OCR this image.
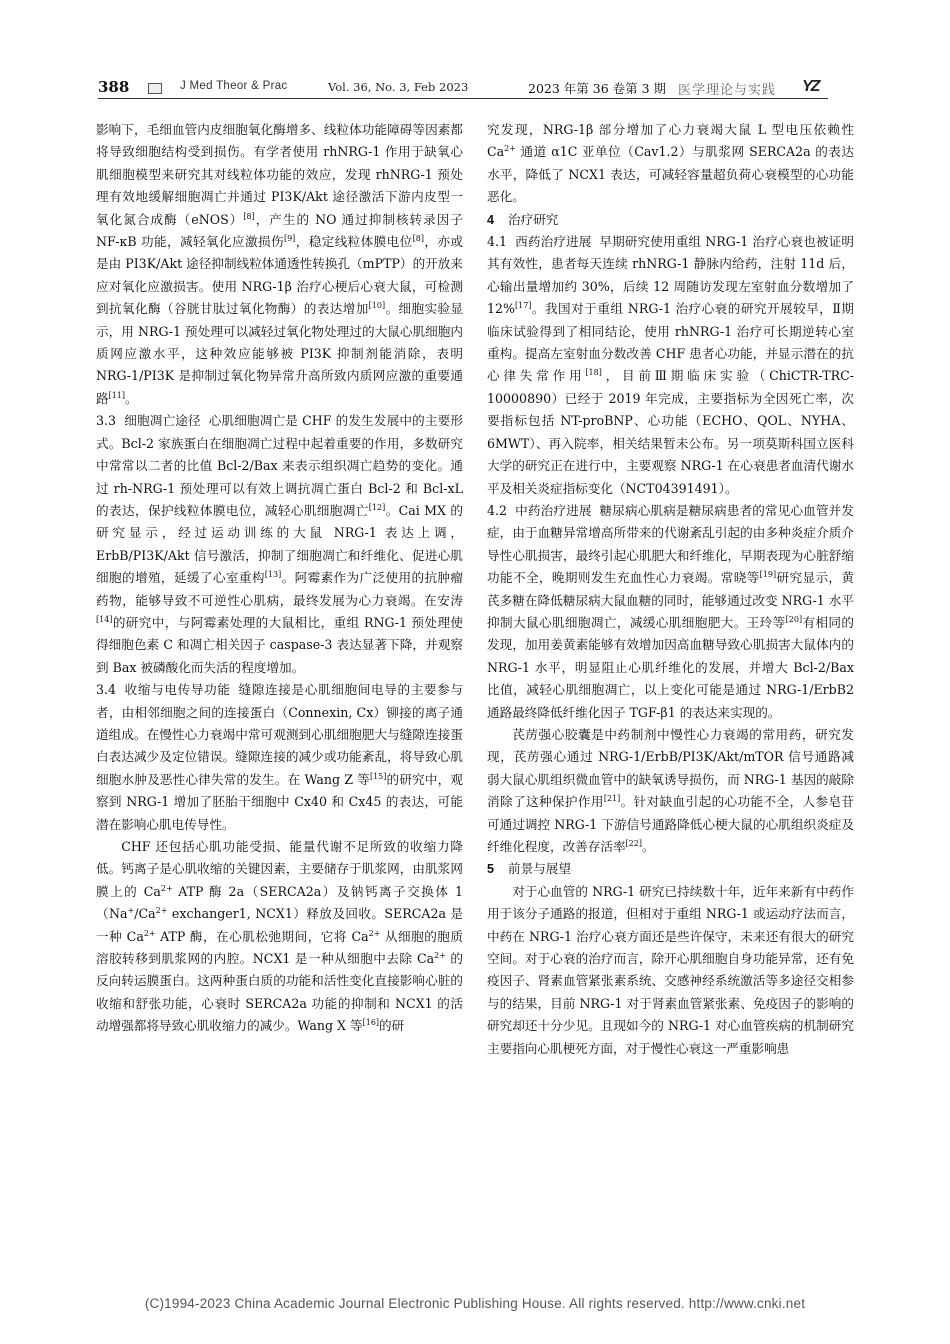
388	J Med Theor & Prac	Vol. 36, No. 3, Feb 2023	2023 年第 36 卷第 3 期 医学理论与实践 YZ

影响下，毛细血管内皮细胞氧化酶增多、线粒体功能障碍等因素都将导致细胞结构受到损伤。有学者使用 rhNRG-1 作用于缺氧心肌细胞模型来研究其对线粒体功能的效应，发现 rhNRG-1 预处理有效地缓解细胞凋亡并通过 PI3K/Akt 途径激活下游内皮型一氧化氮合成酶（eNOS）[8]，产生的 NO 通过抑制核转录因子 NF-κB 功能，减轻氧化应激损伤[9]，稳定线粒体膜电位[8]，亦或是由 PI3K/Akt 途径抑制线粒体通透性转换孔（mPTP）的开放来应对氧化应激损害。使用 NRG-1β 治疗心梗后心衰大鼠，可检测到抗氧化酶（谷胱甘肽过氧化物酶）的表达增加[10]。细胞实验显示，用 NRG-1 预处理可以减轻过氧化物处理过的大鼠心肌细胞内质网应激水平，这种效应能够被 PI3K 抑制剂能消除，表明 NRG-1/PI3K 是抑制过氧化物异常升高所致内质网应激的重要通路[11]。

3.3 细胞凋亡途径 心肌细胞凋亡是 CHF 的发生发展中的主要形式。Bcl-2 家族蛋白在细胞凋亡过程中起着重要的作用，多数研究中常常以二者的比值 Bcl-2/Bax 来表示组织凋亡趋势的变化。通过 rh-NRG-1 预处理可以有效上调抗凋亡蛋白 Bcl-2 和 Bcl-xL 的表达，保护线粒体膜电位，减轻心肌细胞凋亡[12]。Cai MX 的研究显示，经过运动训练的大鼠 NRG-1 表达上调，ErbB/PI3K/Akt 信号激活，抑制了细胞凋亡和纤维化、促进心肌细胞的增殖，延缓了心室重构[13]。阿霉素作为广泛使用的抗肿瘤药物，能够导致不可逆性心肌病，最终发展为心力衰竭。在安涛[14]的研究中，与阿霉素处理的大鼠相比，重组 RNG-1 预处理使得细胞色素 C 和凋亡相关因子 caspase-3 表达显著下降，并观察到 Bax 被磷酸化而失活的程度增加。

3.4 收缩与电传导功能 缝隙连接是心肌细胞间电导的主要参与者，由相邻细胞之间的连接蛋白（Connexin, Cx）铆接的离子通道组成。在慢性心力衰竭中常可观测到心肌细胞肥大与缝隙连接蛋白表达减少及定位错误。缝隙连接的减少或功能紊乱，将导致心肌细胞水肿及恶性心律失常的发生。在 Wang Z 等[15]的研究中，观察到 NRG-1 增加了胚胎干细胞中 Cx40 和 Cx45 的表达，可能潜在影响心肌电传导性。

CHF 还包括心肌功能受损、能量代谢不足所致的收缩力降低。钙离子是心肌收缩的关键因素，主要储存于肌浆网，由肌浆网膜上的 $Ca^{2+}$ ATP 酶 2a（SERCA2a）及钠钙离子交换体 $1(Na^+/Ca^{2+}$ exchanger1, NCX1）释放及回收。SERCA2a 是一种 $Ca^{2+}$ ATP 酶，在心肌松弛期间，它将 $Ca^{2+}$ 从细胞的胞质溶胶转移到肌浆网的内腔。NCX1 是一种从细胞中去除 $Ca^{2+}$ 的反向转运膜蛋白。这两种蛋白质的功能和活性变化直接影响心脏的收缩和舒张功能，心衰时 SERCA2a 功能的抑制和 NCX1 的活动增强都将导致心肌收缩力的减少。Wang X 等[16]的研

究发现，NRG-1β 部分增加了心力衰竭大鼠 L 型电压依赖性 $Ca^{2+}$ 通道 α1C 亚单位（Cav1.2）与肌浆网 SERCA2a 的表达水平，降低了 NCX1 表达，可减轻容量超负荷心衰模型的心功能恶化。

4 治疗研究

4.1 西药治疗进展 早期研究使用重组 NRG-1 治疗心衰也被证明其有效性，患者每天连续 rhNRG-1 静脉内给药，注射 11d 后，心输出量增加约 30%，后续 12 周随访发现左室射血分数增加了 12%[17]。我国对于重组 NRG-1 治疗心衰的研究开展较早，Ⅱ期临床试验得到了相同结论，使用 rhNRG-1 治疗可长期逆转心室重构。提高左室射血分数改善 CHF 患者心功能，并显示潜在的抗心律失常作用[18]，目前Ⅲ期临床实验（ChiCTR-TRC-10000890）已经于 2019 年完成，主要指标为全因死亡率，次要指标包括 NT-proBNP、心功能（ECHO、QOL、NYHA、6MWT）、再入院率，相关结果暂未公布。另一项莫斯科国立医科大学的研究正在进行中，主要观察 NRG-1 在心衰患者血清代谢水平及相关炎症指标变化（NCT04391491）。

4.2 中药治疗进展 糖尿病心肌病是糖尿病患者的常见心血管并发症，由于血糖异常增高所带来的代谢紊乱引起的由多种炎症介质介导性心肌损害，最终引起心肌肥大和纤维化，早期表现为心脏舒缩功能不全，晚期则发生充血性心力衰竭。常晓等[19]研究显示，黄芪多糖在降低糖尿病大鼠血糖的同时，能够通过改变 NRG-1 水平抑制大鼠心肌细胞凋亡，减缓心肌细胞肥大。王玲等[20]有相同的发现，加用姜黄素能够有效增加因高血糖导致心肌损害大鼠体内的 NRG-1 水平，明显阻止心肌纤维化的发展，并增大 Bcl-2/Bax 比值，减轻心肌细胞凋亡，以上变化可能是通过 NRG-1/ErbB2 通路最终降低纤维化因子 TGF-β1 的表达来实现的。

芪苈强心胶囊是中药制剂中慢性心力衰竭的常用药，研究发现，芪苈强心通过 NRG-1/ErbB/PI3K/Akt/mTOR 信号通路减弱大鼠心肌组织微血管中的缺氧诱导损伤，而 NRG-1 基因的敲除消除了这种保护作用[21]。针对缺血引起的心功能不全，人参皂苷可通过调控 NRG-1 下游信号通路降低心梗大鼠的心肌组织炎症及纤维化程度，改善存活率[22]。

5 前景与展望

对于心血管的 NRG-1 研究已持续数十年，近年来新有中药作用于该分子通路的报道，但相对于重组 NRG-1 或运动疗法而言，中药在 NRG-1 治疗心衰方面还是些许保守，未来还有很大的研究空间。对于心衰的治疗而言，除开心肌细胞自身功能异常，还有免疫因子、肾素血管紧张素系统、交感神经系统激活等多途径交相参与的结果，目前 NRG-1 对于肾素血管紧张素、免疫因子的影响的研究却还十分少见。且现如今的 NRG-1 对心血管疾病的机制研究主要指向心肌梗死方面，对于慢性心衰这一严重影响患

(C)1994-2023 China Academic Journal Electronic Publishing House. All rights reserved. http://www.cnki.net
